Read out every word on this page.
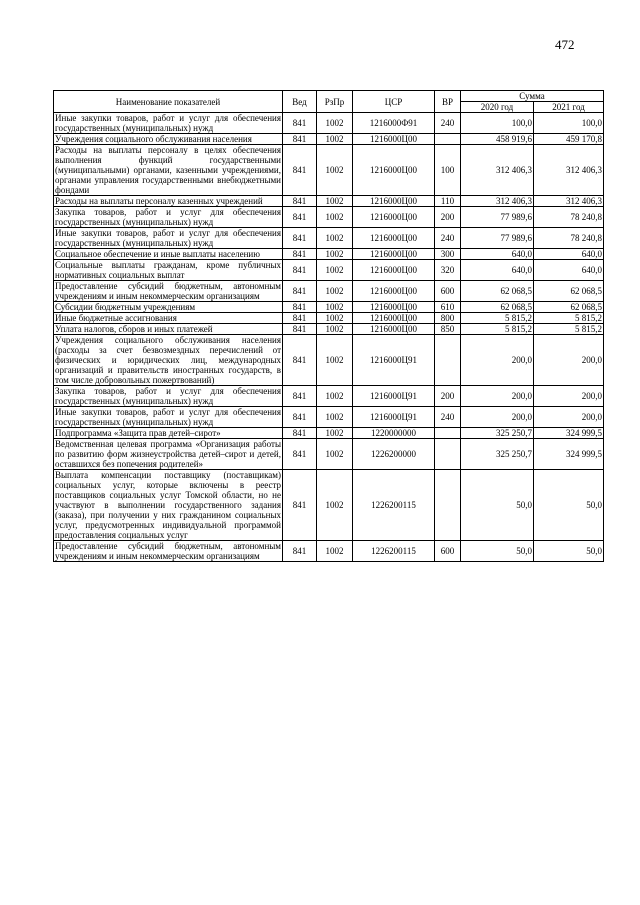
472
Наименование показателей	Вед	РзПр	ЦСР	ВР	Сумма	
					2020 год	2021 год
Иные закупки товаров, работ и услуг для обеспечения государственных (муниципальных) нужд	841	1002	1216000Ф91	240	100,0	100,0
Учреждения социального обслуживания населения	841	1002	1216000Ц00		458 919,6	459 170,8
Расходы на выплаты персоналу в целях обеспечения выполнения функций государственными (муниципальными) органами, казенными учреждениями, органами управления государственными внебюджетными фондами	841	1002	1216000Ц00	100	312 406,3	312 406,3
Расходы на выплаты персоналу казенных учреждений	841	1002	1216000Ц00	110	312 406,3	312 406,3
Закупка товаров, работ и услуг для обеспечения государственных (муниципальных) нужд	841	1002	1216000Ц00	200	77 989,6	78 240,8
Иные закупки товаров, работ и услуг для обеспечения государственных (муниципальных) нужд	841	1002	1216000Ц00	240	77 989,6	78 240,8
Социальное обеспечение и иные выплаты населению	841	1002	1216000Ц00	300	640,0	640,0
Социальные выплаты гражданам, кроме публичных нормативных социальных выплат	841	1002	1216000Ц00	320	640,0	640,0
Предоставление субсидий бюджетным, автономным учреждениям и иным некоммерческим организациям	841	1002	1216000Ц00	600	62 068,5	62 068,5
Субсидии бюджетным учреждениям	841	1002	1216000Ц00	610	62 068,5	62 068,5
Иные бюджетные ассигнования	841	1002	1216000Ц00	800	5 815,2	5 815,2
Уплата налогов, сборов и иных платежей	841	1002	1216000Ц00	850	5 815,2	5 815,2
Учреждения социального обслуживания населения (расходы за счет безвозмездных перечислений от физических и юридических лиц, международных организаций и правительств иностранных государств, в том числе добровольных пожертвований)	841	1002	1216000Ц91		200,0	200,0
Закупка товаров, работ и услуг для обеспечения государственных (муниципальных) нужд	841	1002	1216000Ц91	200	200,0	200,0
Иные закупки товаров, работ и услуг для обеспечения государственных (муниципальных) нужд	841	1002	1216000Ц91	240	200,0	200,0
Подпрограмма «Защита прав детей–сирот»	841	1002	1220000000		325 250,7	324 999,5
Ведомственная целевая программа «Организация работы по развитию форм жизнеустройства детей–сирот и детей, оставшихся без попечения родителей»	841	1002	1226200000		325 250,7	324 999,5
Выплата компенсации поставщику (поставщикам) социальных услуг, которые включены в реестр поставщиков социальных услуг Томской области, но не участвуют в выполнении государственного задания (заказа), при получении у них гражданином социальных услуг, предусмотренных индивидуальной программой предоставления социальных услуг	841	1002	1226200115		50,0	50,0
Предоставление субсидий бюджетным, автономным учреждениям и иным некоммерческим организациям	841	1002	1226200115	600	50,0	50,0
